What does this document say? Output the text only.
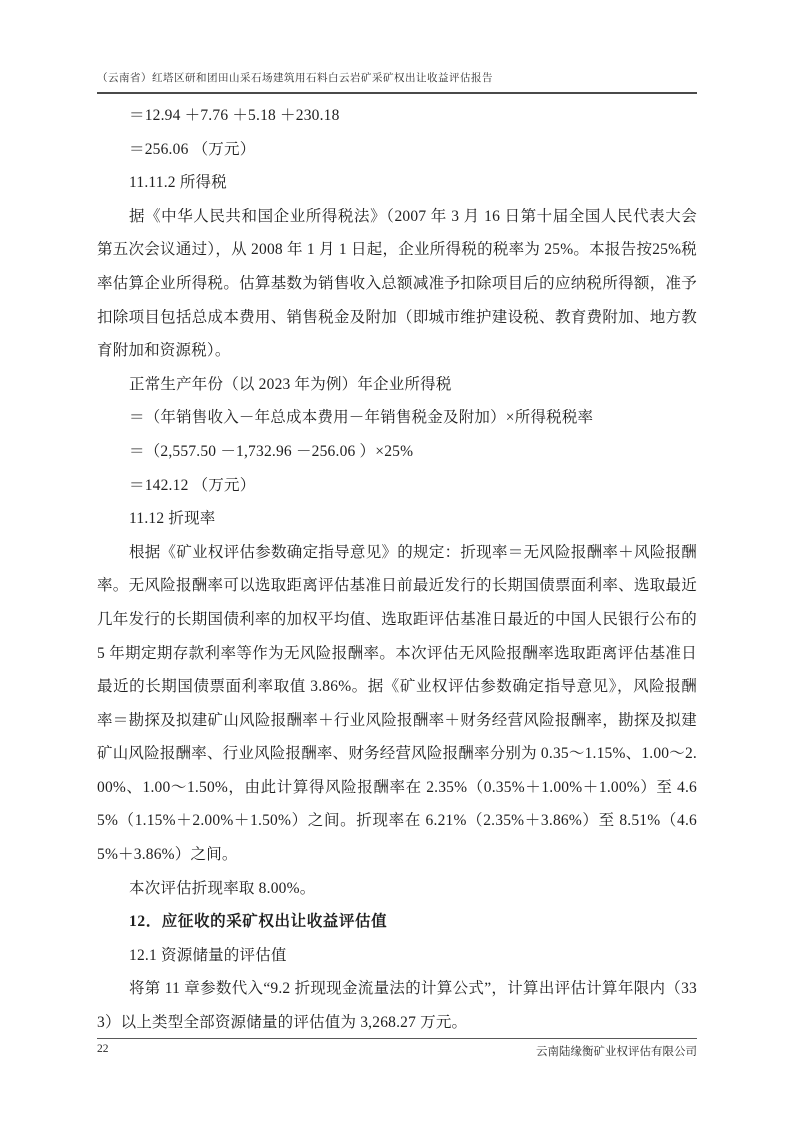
（云南省）红塔区研和团田山采石场建筑用石料白云岩矿采矿权出让收益评估报告

＝12.94 ＋7.76 ＋5.18 ＋230.18

＝256.06 （万元）

11.11.2 所得税

据《中华人民共和国企业所得税法》（2007 年 3 月 16 日第十届全国人民代表大会第五次会议通过），从 2008 年 1 月 1 日起，企业所得税的税率为 25%。本报告按25%税率估算企业所得税。估算基数为销售收入总额减准予扣除项目后的应纳税所得额，准予扣除项目包括总成本费用、销售税金及附加（即城市维护建设税、教育费附加、地方教育附加和资源税）。

正常生产年份（以 2023 年为例）年企业所得税

＝（年销售收入－年总成本费用－年销售税金及附加）×所得税税率

＝（2,557.50 －1,732.96 －256.06 ）×25%

＝142.12 （万元）

11.12 折现率

根据《矿业权评估参数确定指导意见》的规定：折现率＝无风险报酬率＋风险报酬率。无风险报酬率可以选取距离评估基准日前最近发行的长期国债票面利率、选取最近几年发行的长期国债利率的加权平均值、选取距评估基准日最近的中国人民银行公布的 5 年期定期存款利率等作为无风险报酬率。本次评估无风险报酬率选取距离评估基准日最近的长期国债票面利率取值 3.86%。据《矿业权评估参数确定指导意见》，风险报酬率＝勘探及拟建矿山风险报酬率＋行业风险报酬率＋财务经营风险报酬率，勘探及拟建矿山风险报酬率、行业风险报酬率、财务经营风险报酬率分别为 0.35～1.15%、1.00～2.00%、1.00～1.50%，由此计算得风险报酬率在 2.35%（0.35%＋1.00%＋1.00%）至 4.65%（1.15%＋2.00%＋1.50%）之间。折现率在 6.21%（2.35%＋3.86%）至 8.51%（4.65%＋3.86%）之间。

本次评估折现率取 8.00%。

12．应征收的采矿权出让收益评估值

12.1 资源储量的评估值

将第 11 章参数代入“9.2 折现现金流量法的计算公式”，计算出评估计算年限内（333）以上类型全部资源储量的评估值为 3,268.27 万元。

22	云南陆缘衡矿业权评估有限公司
